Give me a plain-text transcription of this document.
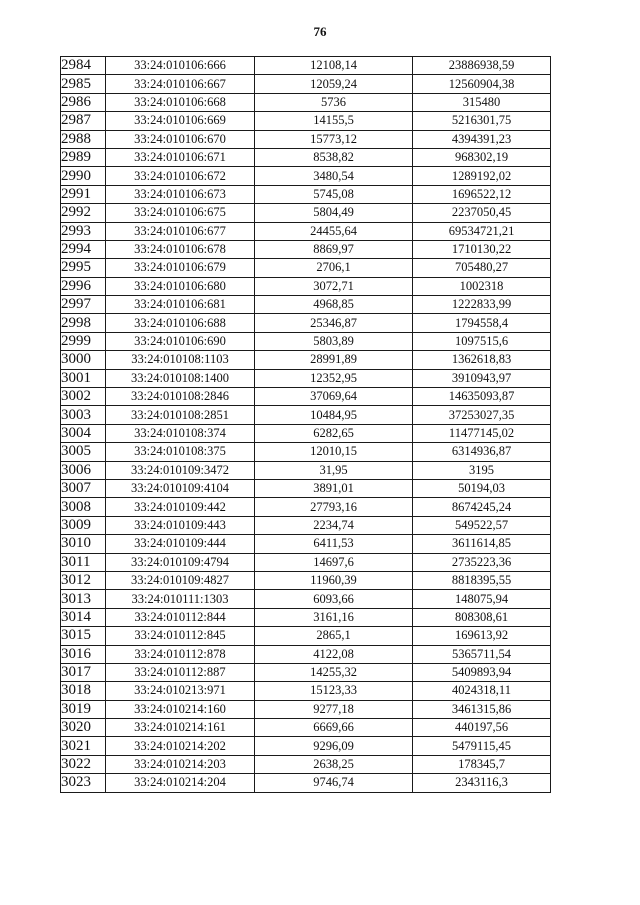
76
2984	33:24:010106:666	12108,14	23886938,59
2985	33:24:010106:667	12059,24	12560904,38
2986	33:24:010106:668	5736	315480
2987	33:24:010106:669	14155,5	5216301,75
2988	33:24:010106:670	15773,12	4394391,23
2989	33:24:010106:671	8538,82	968302,19
2990	33:24:010106:672	3480,54	1289192,02
2991	33:24:010106:673	5745,08	1696522,12
2992	33:24:010106:675	5804,49	2237050,45
2993	33:24:010106:677	24455,64	69534721,21
2994	33:24:010106:678	8869,97	1710130,22
2995	33:24:010106:679	2706,1	705480,27
2996	33:24:010106:680	3072,71	1002318
2997	33:24:010106:681	4968,85	1222833,99
2998	33:24:010106:688	25346,87	1794558,4
2999	33:24:010106:690	5803,89	1097515,6
3000	33:24:010108:1103	28991,89	1362618,83
3001	33:24:010108:1400	12352,95	3910943,97
3002	33:24:010108:2846	37069,64	14635093,87
3003	33:24:010108:2851	10484,95	37253027,35
3004	33:24:010108:374	6282,65	11477145,02
3005	33:24:010108:375	12010,15	6314936,87
3006	33:24:010109:3472	31,95	3195
3007	33:24:010109:4104	3891,01	50194,03
3008	33:24:010109:442	27793,16	8674245,24
3009	33:24:010109:443	2234,74	549522,57
3010	33:24:010109:444	6411,53	3611614,85
3011	33:24:010109:4794	14697,6	2735223,36
3012	33:24:010109:4827	11960,39	8818395,55
3013	33:24:010111:1303	6093,66	148075,94
3014	33:24:010112:844	3161,16	808308,61
3015	33:24:010112:845	2865,1	169613,92
3016	33:24:010112:878	4122,08	5365711,54
3017	33:24:010112:887	14255,32	5409893,94
3018	33:24:010213:971	15123,33	4024318,11
3019	33:24:010214:160	9277,18	3461315,86
3020	33:24:010214:161	6669,66	440197,56
3021	33:24:010214:202	9296,09	5479115,45
3022	33:24:010214:203	2638,25	178345,7
3023	33:24:010214:204	9746,74	2343116,3
